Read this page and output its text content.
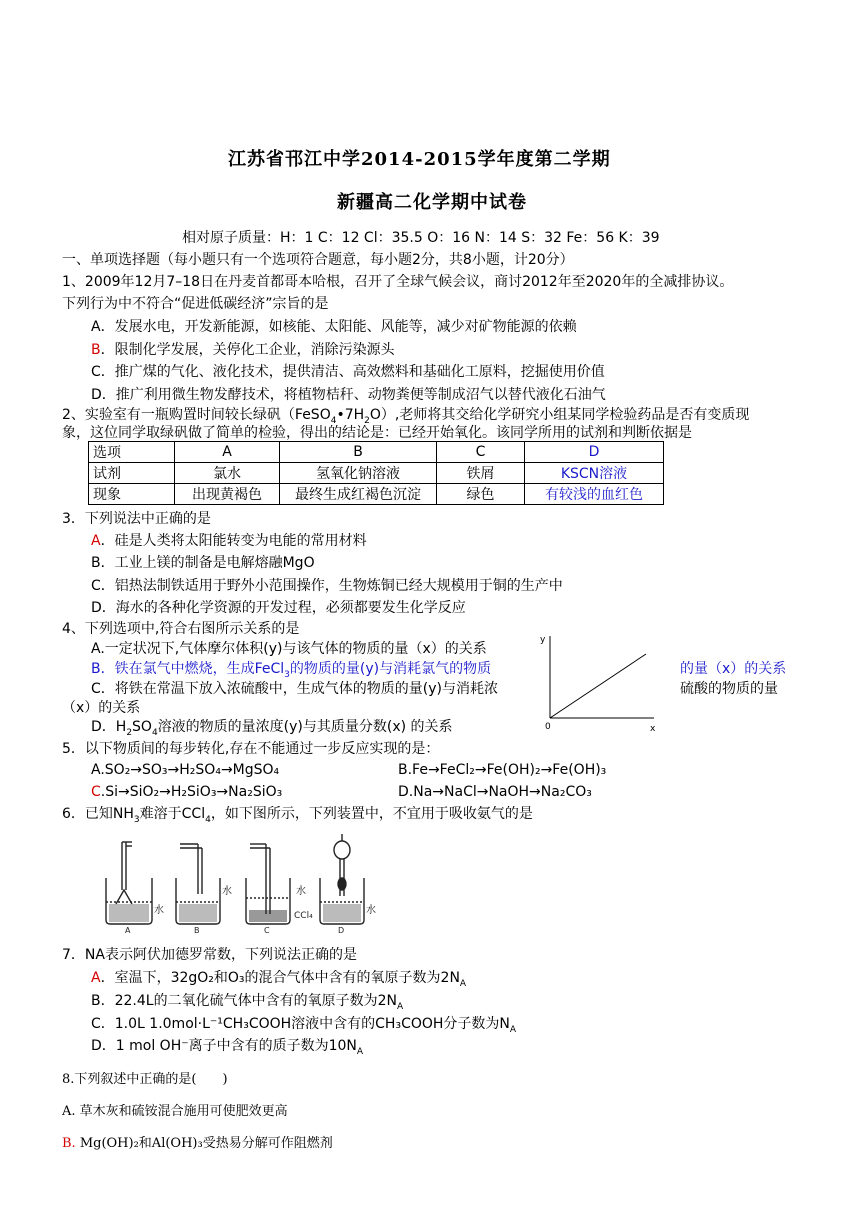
江苏省邗江中学2014-2015学年度第二学期
新疆高二化学期中试卷
相对原子质量：H：1 C：12 Cl：35.5 O：16 N：14 S：32 Fe：56 K：39
一、单项选择题（每小题只有一个选项符合题意，每小题2分，共8小题，计20分）
1、2009年12月7–18日在丹麦首都哥本哈根，召开了全球气候会议，商讨2012年至2020年的全减排协议。
下列行为中不符合“促进低碳经济”宗旨的是
A．发展水电，开发新能源，如核能、太阳能、风能等，减少对矿物能源的依赖
B．限制化学发展，关停化工企业，消除污染源头
C．推广煤的气化、液化技术，提供清洁、高效燃料和基础化工原料，挖掘使用价值
D．推广利用微生物发酵技术，将植物桔秆、动物粪便等制成沼气以替代液化石油气
2、实验室有一瓶购置时间较长绿矾$(FeSO_4•7H_2O)$,老师将其交给化学研究小组某同学检验药品是否有变质现
象，这位同学取绿矾做了简单的检验，得出的结论是：已经开始氧化。该同学所用的试剂和判断依据是
选项	A	B	C	D
试剂	氯水	氢氧化钠溶液	铁屑	KSCN溶液
现象	出现黄褐色	最终生成红褐色沉淀	绿色	有较浅的血红色
3．下列说法中正确的是
A．硅是人类将太阳能转变为电能的常用材料
B．工业上镁的制备是电解熔融MgO
C．铝热法制铁适用于野外小范围操作，生物炼铜已经大规模用于铜的生产中
D．海水的各种化学资源的开发过程，必须都要发生化学反应
4、下列选项中,符合右图所示关系的是
A.一定状况下,气体摩尔体积(y)与该气体的物质的量（x）的关系
B．铁在氯气中燃烧，生成FeCl$_3$的物质的量(y)与消耗氯气的物质	的量（x）的关系
C．将铁在常温下放入浓硫酸中，生成气体的物质的量(y)与消耗浓	硫酸的物质的量
（x）的关系
D．$H_2SO_4$溶液的物质的量浓度(y)与其质量分数(x) 的关系
y
x
0
5．以下物质间的每步转化,存在不能通过一步反应实现的是：
A.SO₂→SO₃→H₂SO₄→MgSO₄	B.Fe→FeCl₂→Fe(OH)₂→Fe(OH)₃
C.Si→SiO₂→H₂SiO₃→Na₂SiO₃	D.Na→NaCl→NaOH→Na₂CO₃
6．已知$NH_3$难溶于CCl$_4$，如下图所示，下列装置中，不宜用于吸收氨气的是
A
水
B
水
C
水
CCl₄
D
水
7．NA表示阿伏加德罗常数，下列说法正确的是
A．室温下，32gO₂和O₃的混合气体中含有的氧原子数为$2N_A$
B．22.4L的二氧化硫气体中含有的氧原子数为$2N_A$
C．1.0L 1.0mol·L⁻¹CH₃COOH溶液中含有的CH₃COOH分子数为$N_A$
D．1 mol OH⁻离子中含有的质子数为$10N_A$
8.下列叙述中正确的是(　　)
A. 草木灰和硫铵混合施用可使肥效更高
B. Mg(OH)₂和Al(OH)₃受热易分解可作阻燃剂
